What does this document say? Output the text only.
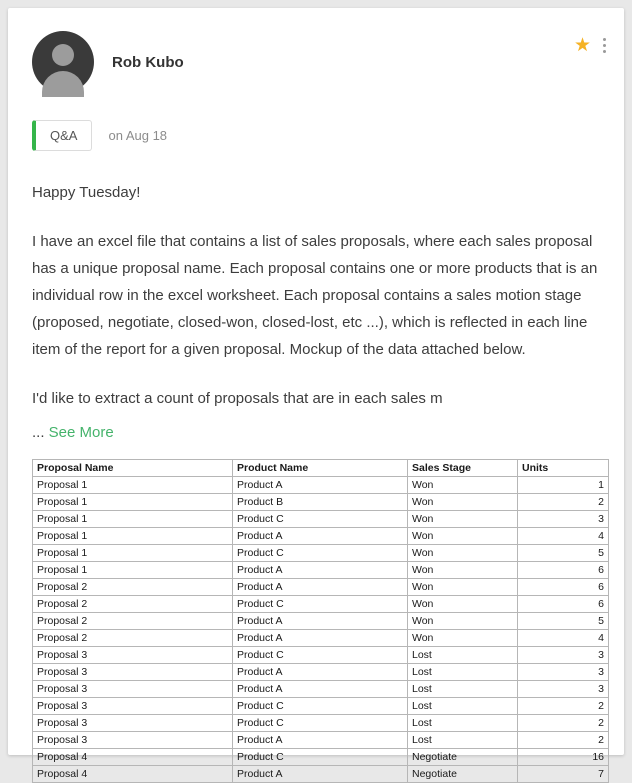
Rob Kubo
★
Q&A	on Aug 18

Happy Tuesday!

I have an excel file that contains a list of sales proposals, where each sales proposal has a unique proposal name. Each proposal contains one or more products that is an individual row in the excel worksheet. Each proposal contains a sales motion stage (proposed, negotiate, closed-won, closed-lost, etc ...), which is reflected in each line item of the report for a given proposal. Mockup of the data attached below.

I'd like to extract a count of proposals that are in each sales m

... See More
Proposal Name	Product Name	Sales Stage	Units
Proposal 1	Product A	Won	1
Proposal 1	Product B	Won	2
Proposal 1	Product C	Won	3
Proposal 1	Product A	Won	4
Proposal 1	Product C	Won	5
Proposal 1	Product A	Won	6
Proposal 2	Product A	Won	6
Proposal 2	Product C	Won	6
Proposal 2	Product A	Won	5
Proposal 2	Product A	Won	4
Proposal 3	Product C	Lost	3
Proposal 3	Product A	Lost	3
Proposal 3	Product A	Lost	3
Proposal 3	Product C	Lost	2
Proposal 3	Product C	Lost	2
Proposal 3	Product A	Lost	2
Proposal 4	Product C	Negotiate	16
Proposal 4	Product A	Negotiate	7
